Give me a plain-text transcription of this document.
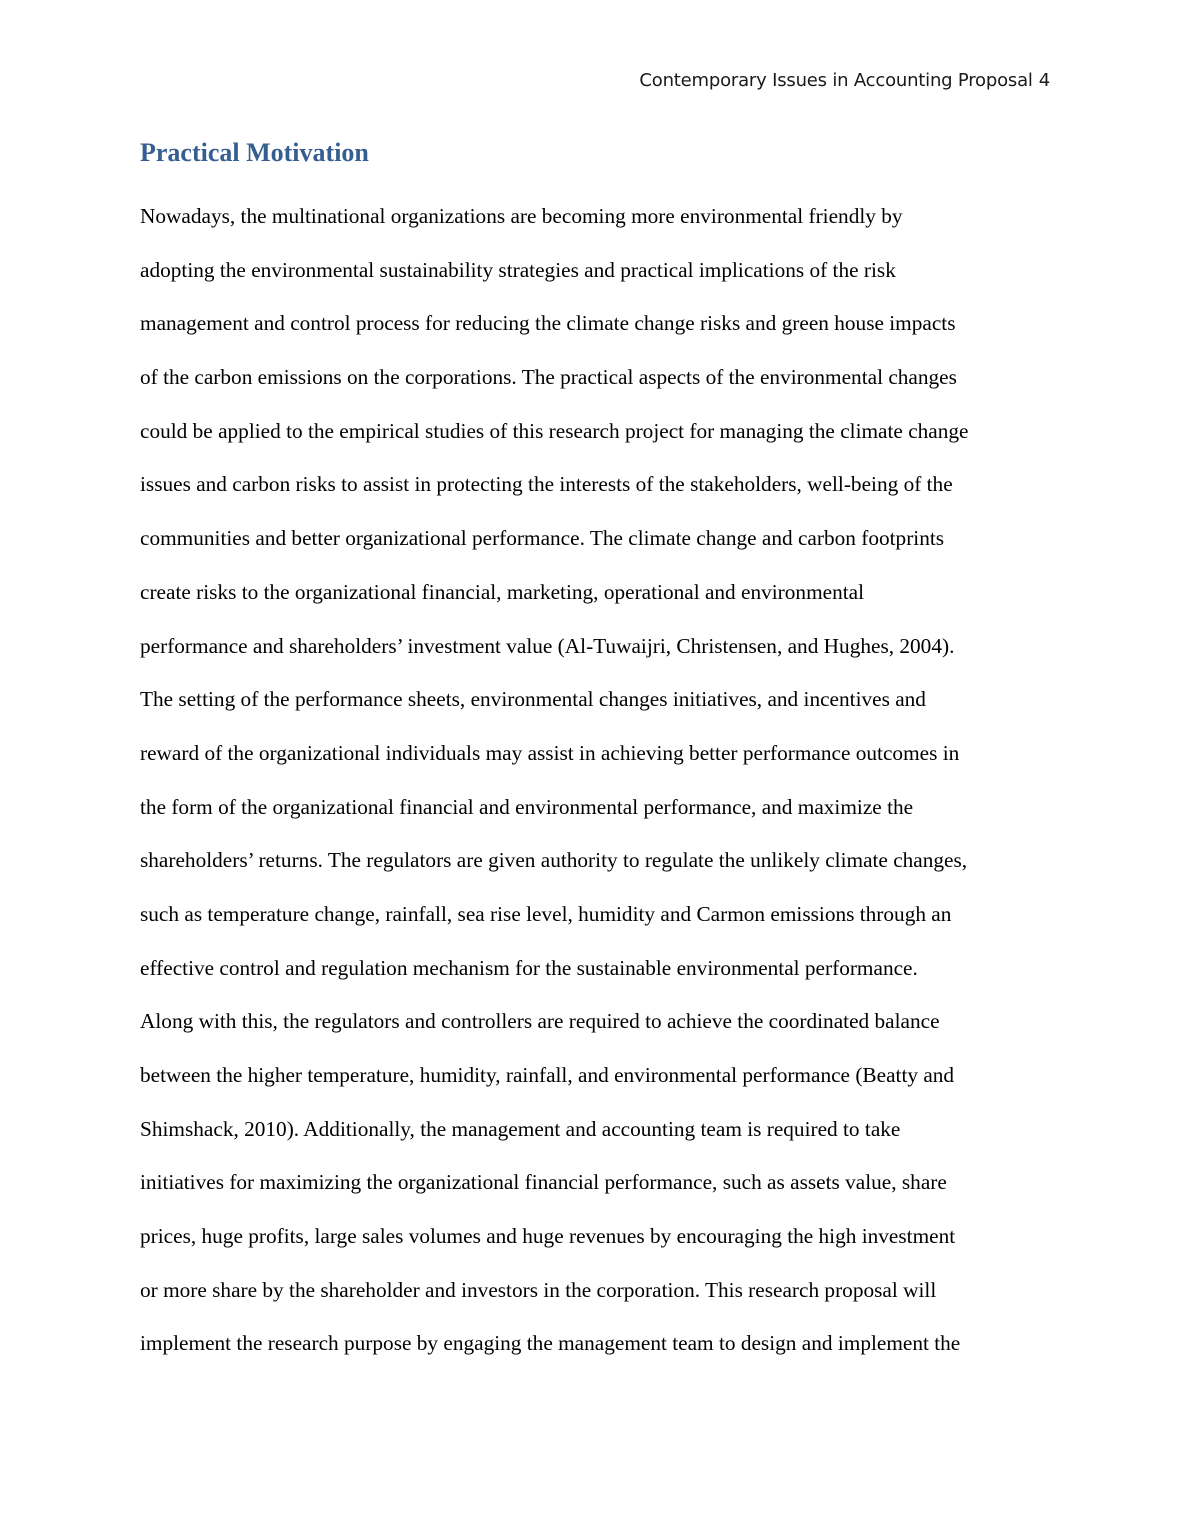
Contemporary Issues in Accounting Proposal 4
Practical Motivation
Nowadays, the multinational organizations are becoming more environmental friendly by
adopting the environmental sustainability strategies and practical implications of the risk
management and control process for reducing the climate change risks and green house impacts
of the carbon emissions on the corporations. The practical aspects of the environmental changes
could be applied to the empirical studies of this research project for managing the climate change
issues and carbon risks to assist in protecting the interests of the stakeholders, well-being of the
communities and better organizational performance. The climate change and carbon footprints
create risks to the organizational financial, marketing, operational and environmental
performance and shareholders’ investment value (Al-Tuwaijri, Christensen, and Hughes, 2004).
The setting of the performance sheets, environmental changes initiatives, and incentives and
reward of the organizational individuals may assist in achieving better performance outcomes in
the form of the organizational financial and environmental performance, and maximize the
shareholders’ returns. The regulators are given authority to regulate the unlikely climate changes,
such as temperature change, rainfall, sea rise level, humidity and Carmon emissions through an
effective control and regulation mechanism for the sustainable environmental performance.
Along with this, the regulators and controllers are required to achieve the coordinated balance
between the higher temperature, humidity, rainfall, and environmental performance (Beatty and
Shimshack, 2010). Additionally, the management and accounting team is required to take
initiatives for maximizing the organizational financial performance, such as assets value, share
prices, huge profits, large sales volumes and huge revenues by encouraging the high investment
or more share by the shareholder and investors in the corporation. This research proposal will
implement the research purpose by engaging the management team to design and implement the
